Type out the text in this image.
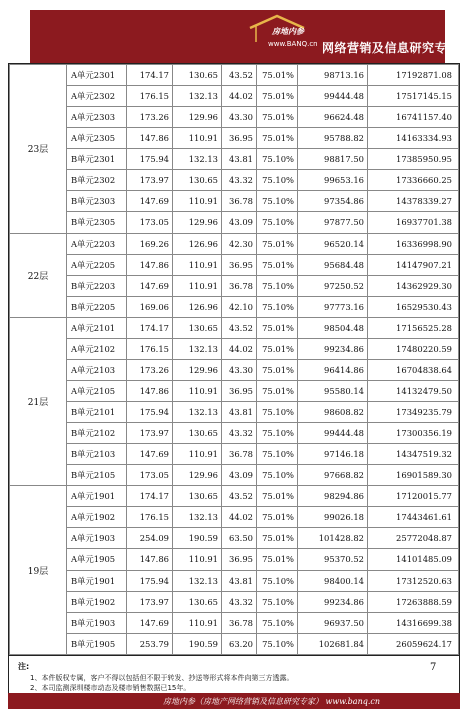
房地内参
www.BANQ.cn 网络营销及信息研究专家
23层	A单元2301	174.17	130.65	43.52	75.01%	98713.16	17192871.08
	A单元2302	176.15	132.13	44.02	75.01%	99444.48	17517145.15
	A单元2303	173.26	129.96	43.30	75.01%	96624.48	16741157.40
	A单元2305	147.86	110.91	36.95	75.01%	95788.82	14163334.93
	B单元2301	175.94	132.13	43.81	75.10%	98817.50	17385950.95
	B单元2302	173.97	130.65	43.32	75.10%	99653.16	17336660.25
	B单元2303	147.69	110.91	36.78	75.10%	97354.86	14378339.27
	B单元2305	173.05	129.96	43.09	75.10%	97877.50	16937701.38
22层	A单元2203	169.26	126.96	42.30	75.01%	96520.14	16336998.90
	A单元2205	147.86	110.91	36.95	75.01%	95684.48	14147907.21
	B单元2203	147.69	110.91	36.78	75.10%	97250.52	14362929.30
	B单元2205	169.06	126.96	42.10	75.10%	97773.16	16529530.43
21层	A单元2101	174.17	130.65	43.52	75.01%	98504.48	17156525.28
	A单元2102	176.15	132.13	44.02	75.01%	99234.86	17480220.59
	A单元2103	173.26	129.96	43.30	75.01%	96414.86	16704838.64
	A单元2105	147.86	110.91	36.95	75.01%	95580.14	14132479.50
	B单元2101	175.94	132.13	43.81	75.10%	98608.82	17349235.79
	B单元2102	173.97	130.65	43.32	75.10%	99444.48	17300356.19
	B单元2103	147.69	110.91	36.78	75.10%	97146.18	14347519.32
	B单元2105	173.05	129.96	43.09	75.10%	97668.82	16901589.30
19层	A单元1901	174.17	130.65	43.52	75.01%	98294.86	17120015.77
	A单元1902	176.15	132.13	44.02	75.01%	99026.18	17443461.61
	A单元1903	254.09	190.59	63.50	75.01%	101428.82	25772048.87
	A单元1905	147.86	110.91	36.95	75.01%	95370.52	14101485.09
	B单元1901	175.94	132.13	43.81	75.10%	98400.14	17312520.63
	B单元1902	173.97	130.65	43.32	75.10%	99234.86	17263888.59
	B单元1903	147.69	110.91	36.78	75.10%	96937.50	14316699.38
	B单元1905	253.79	190.59	63.20	75.10%	102681.84	26059624.17
注:
1、本件版权专属，客户不得以包括但不限于转发、抄送等形式将本件向第三方透露。
2、本司监测深圳楼市动态及楼市销售数据已15年。
7
房地内参（房地产网络营销及信息研究专家） www.banq.cn
